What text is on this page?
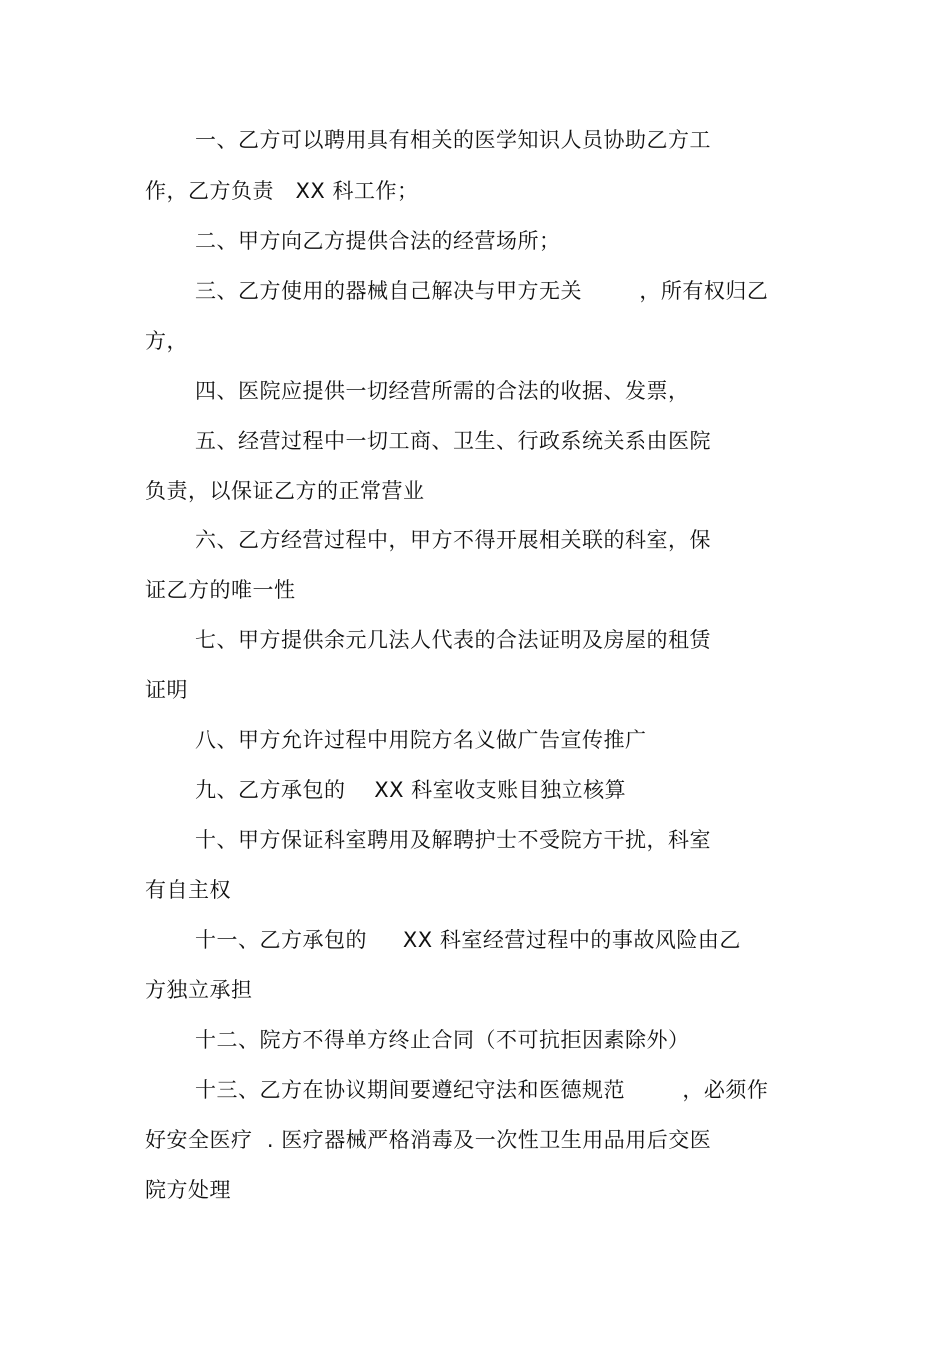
一、乙方可以聘用具有相关的医学知识人员协助乙方工
作，乙方负责   XX 科工作；
二、甲方向乙方提供合法的经营场所；
三、乙方使用的器械自己解决与甲方无关        ，所有权归乙
方，
四、医院应提供一切经营所需的合法的收据、发票，
五、经营过程中一切工商、卫生、行政系统关系由医院
负责，以保证乙方的正常营业
六、乙方经营过程中，甲方不得开展相关联的科室，保
证乙方的唯一性
七、甲方提供余元几法人代表的合法证明及房屋的租赁
证明
八、甲方允许过程中用院方名义做广告宣传推广
九、乙方承包的    XX 科室收支账目独立核算
十、甲方保证科室聘用及解聘护士不受院方干扰，科室
有自主权
十一、乙方承包的     XX 科室经营过程中的事故风险由乙
方独立承担
十二、院方不得单方终止合同（不可抗拒因素除外）
十三、乙方在协议期间要遵纪守法和医德规范        ，必须作
好安全医疗  . 医疗器械严格消毒及一次性卫生用品用后交医
院方处理
